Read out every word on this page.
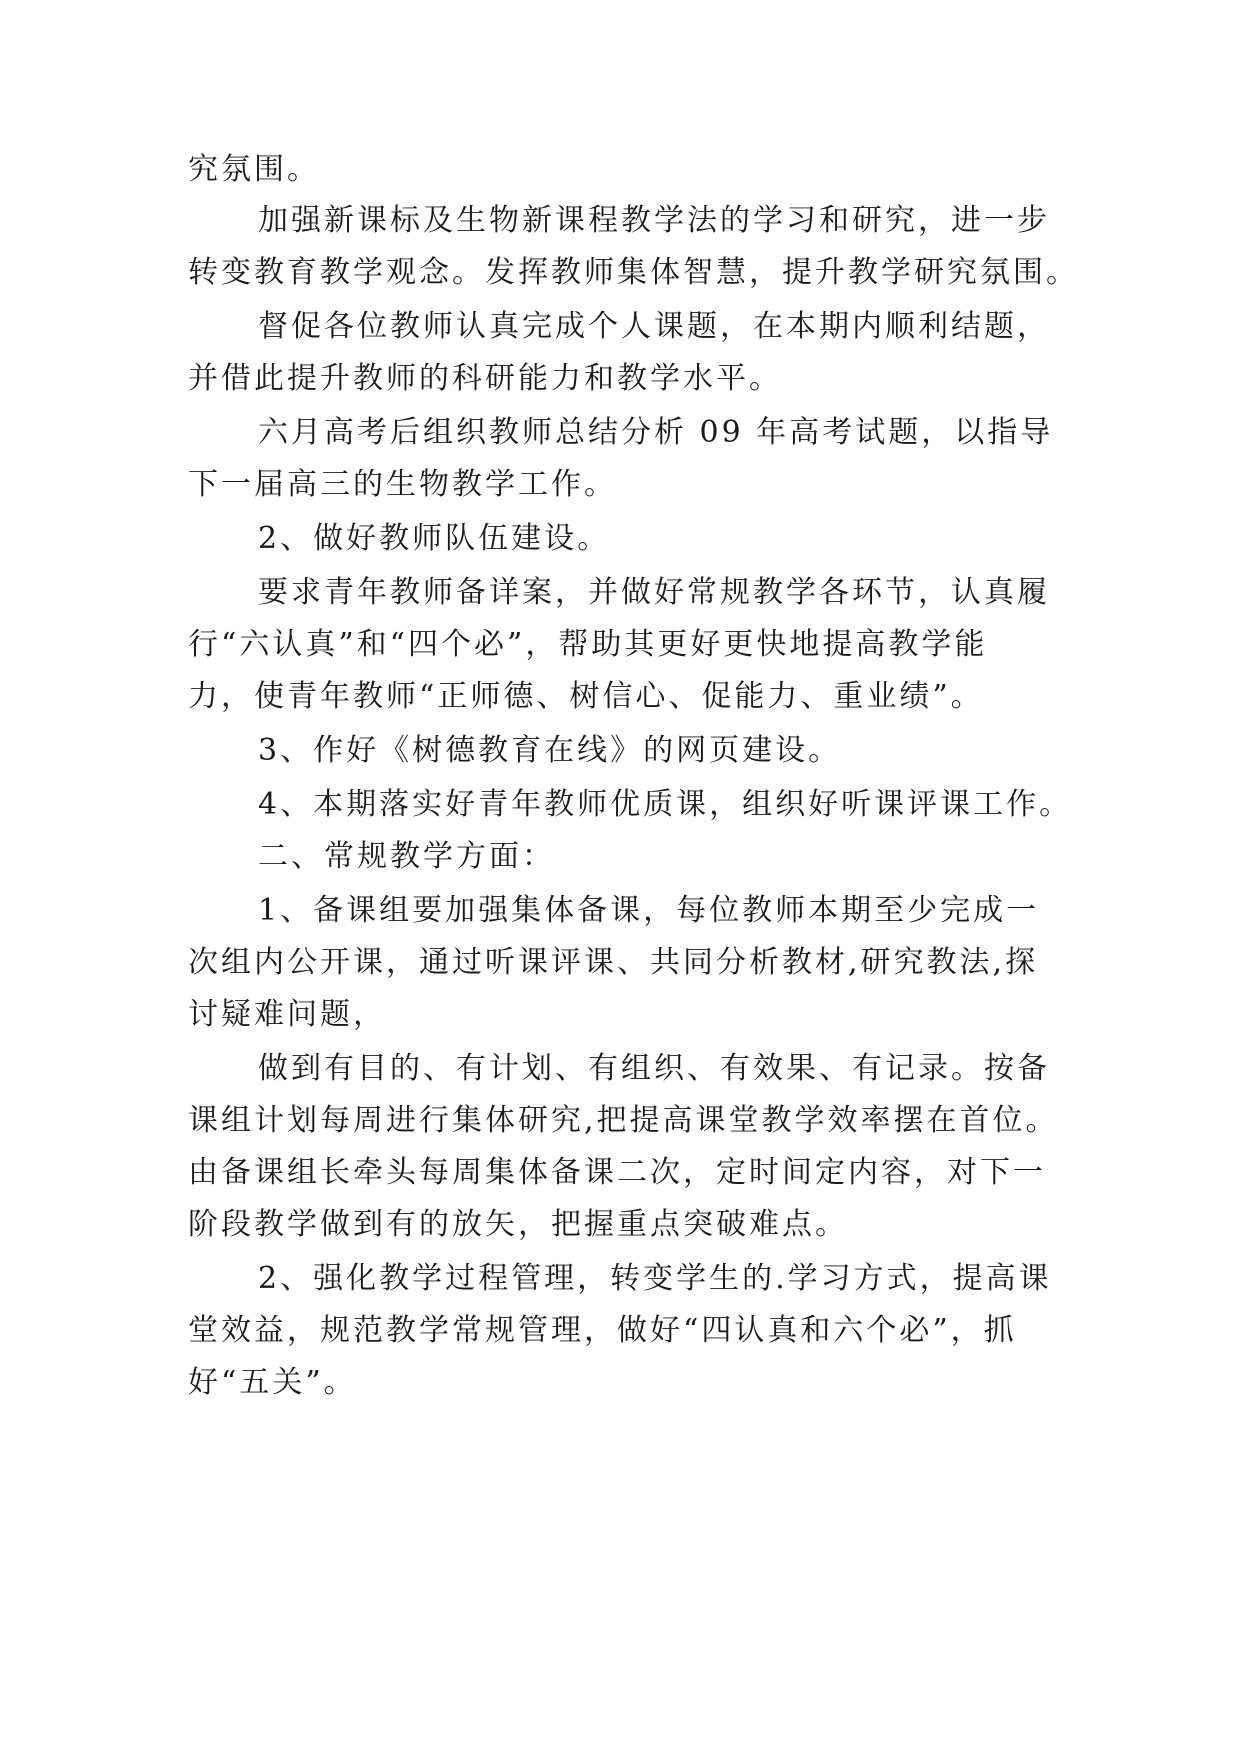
究氛围。
加强新课标及生物新课程教学法的学习和研究，进一步
转变教育教学观念。发挥教师集体智慧，提升教学研究氛围。
督促各位教师认真完成个人课题，在本期内顺利结题，
并借此提升教师的科研能力和教学水平。
六月高考后组织教师总结分析 09 年高考试题，以指导
下一届高三的生物教学工作。
2、做好教师队伍建设。
要求青年教师备详案，并做好常规教学各环节，认真履
行“六认真”和“四个必”，帮助其更好更快地提高教学能
力，使青年教师“正师德、树信心、促能力、重业绩”。
3、作好《树德教育在线》的网页建设。
4、本期落实好青年教师优质课，组织好听课评课工作。
二、常规教学方面：
1、备课组要加强集体备课，每位教师本期至少完成一
次组内公开课，通过听课评课、共同分析教材,研究教法,探
讨疑难问题，
做到有目的、有计划、有组织、有效果、有记录。按备
课组计划每周进行集体研究,把提高课堂教学效率摆在首位。
由备课组长牵头每周集体备课二次，定时间定内容，对下一
阶段教学做到有的放矢，把握重点突破难点。
2、强化教学过程管理，转变学生的.学习方式，提高课
堂效益，规范教学常规管理，做好“四认真和六个必”，抓
好“五关”。
